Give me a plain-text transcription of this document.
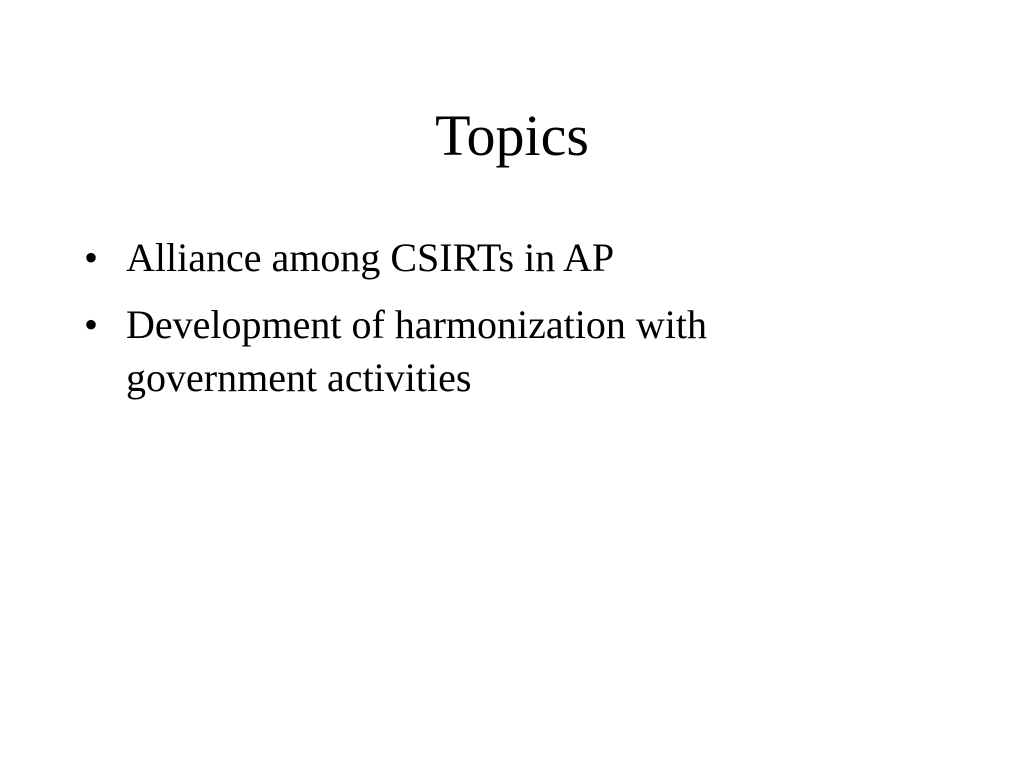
Topics
• Alliance among CSIRTs in AP
• Development of harmonization with government activities
